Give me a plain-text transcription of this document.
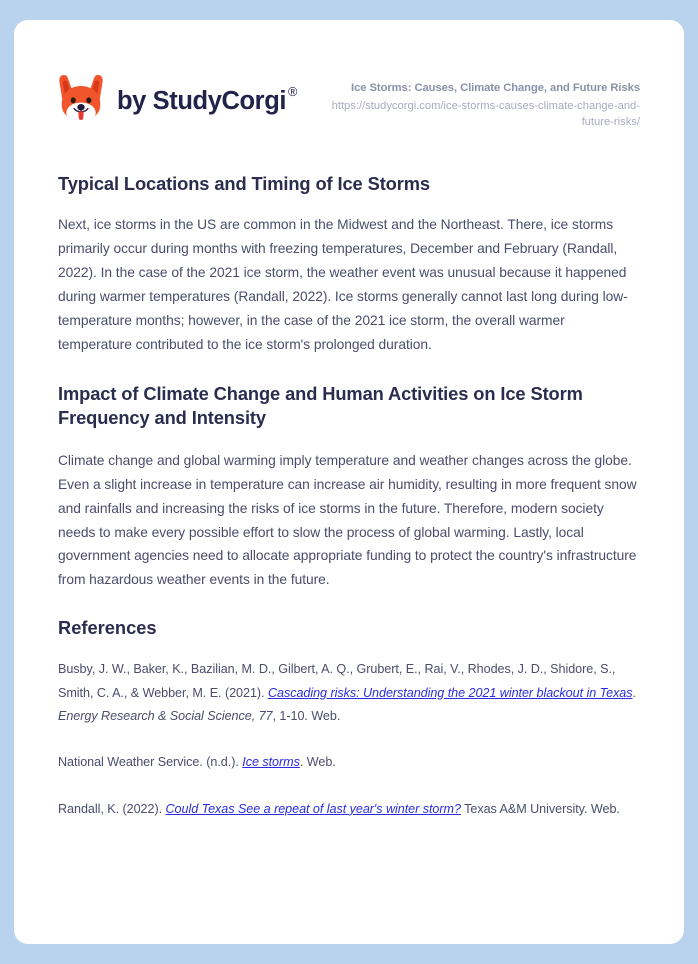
by StudyCorgi ®	Ice Storms: Causes, Climate Change, and Future Risks
https://studycorgi.com/ice-storms-causes-climate-change-and-future-risks/
Typical Locations and Timing of Ice Storms

Next, ice storms in the US are common in the Midwest and the Northeast. There, ice storms primarily occur during months with freezing temperatures, December and February (Randall, 2022). In the case of the 2021 ice storm, the weather event was unusual because it happened during warmer temperatures (Randall, 2022). Ice storms generally cannot last long during low-temperature months; however, in the case of the 2021 ice storm, the overall warmer temperature contributed to the ice storm's prolonged duration.

Impact of Climate Change and Human Activities on Ice Storm Frequency and Intensity

Climate change and global warming imply temperature and weather changes across the globe. Even a slight increase in temperature can increase air humidity, resulting in more frequent snow and rainfalls and increasing the risks of ice storms in the future. Therefore, modern society needs to make every possible effort to slow the process of global warming. Lastly, local government agencies need to allocate appropriate funding to protect the country's infrastructure from hazardous weather events in the future.

References

Busby, J. W., Baker, K., Bazilian, M. D., Gilbert, A. Q., Grubert, E., Rai, V., Rhodes, J. D., Shidore, S., Smith, C. A., & Webber, M. E. (2021). Cascading risks: Understanding the 2021 winter blackout in Texas. Energy Research & Social Science, 77, 1-10. Web.

National Weather Service. (n.d.). Ice storms. Web.

Randall, K. (2022). Could Texas See a repeat of last year's winter storm? Texas A&M University. Web.
